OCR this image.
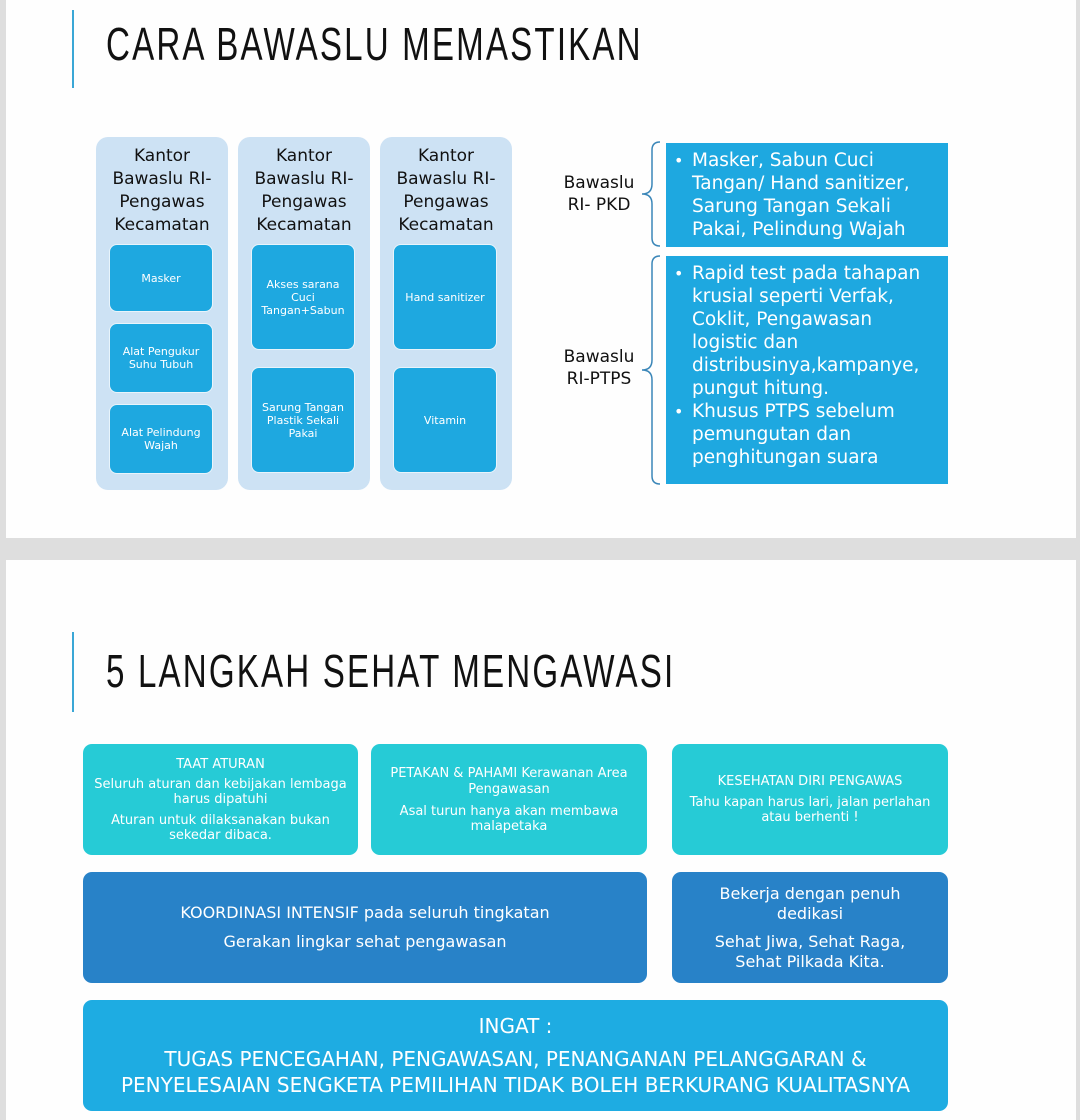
CARA BAWASLU MEMASTIKAN
Kantor Bawaslu RI- Pengawas Kecamatan
Masker
Alat Pengukur Suhu Tubuh
Alat Pelindung Wajah
Kantor Bawaslu RI- Pengawas Kecamatan
Akses sarana Cuci Tangan+Sabun
Sarung Tangan Plastik Sekali Pakai
Kantor Bawaslu RI- Pengawas Kecamatan
Hand sanitizer
Vitamin
Bawaslu
RI- PKD
• Masker, Sabun Cuci Tangan/ Hand sanitizer, Sarung Tangan Sekali Pakai, Pelindung Wajah
Bawaslu
RI-PTPS
• Rapid test pada tahapan krusial seperti Verfak, Coklit, Pengawasan logistic dan distribusinya,kampanye, pungut hitung.
• Khusus PTPS sebelum pemungutan dan penghitungan suara
5 LANGKAH SEHAT MENGAWASI

TAAT ATURAN

Seluruh aturan dan kebijakan lembaga harus dipatuhi

Aturan untuk dilaksanakan bukan sekedar dibaca.

PETAKAN & PAHAMI Kerawanan Area Pengawasan

Asal turun hanya akan membawa malapetaka

KESEHATAN DIRI PENGAWAS

Tahu kapan harus lari, jalan perlahan atau berhenti !

KOORDINASI INTENSIF pada seluruh tingkatan

Gerakan lingkar sehat pengawasan

Bekerja dengan penuh dedikasi

Sehat Jiwa, Sehat Raga, Sehat Pilkada Kita.

INGAT :

TUGAS PENCEGAHAN, PENGAWASAN, PENANGANAN PELANGGARAN & PENYELESAIAN SENGKETA PEMILIHAN TIDAK BOLEH BERKURANG KUALITASNYA
